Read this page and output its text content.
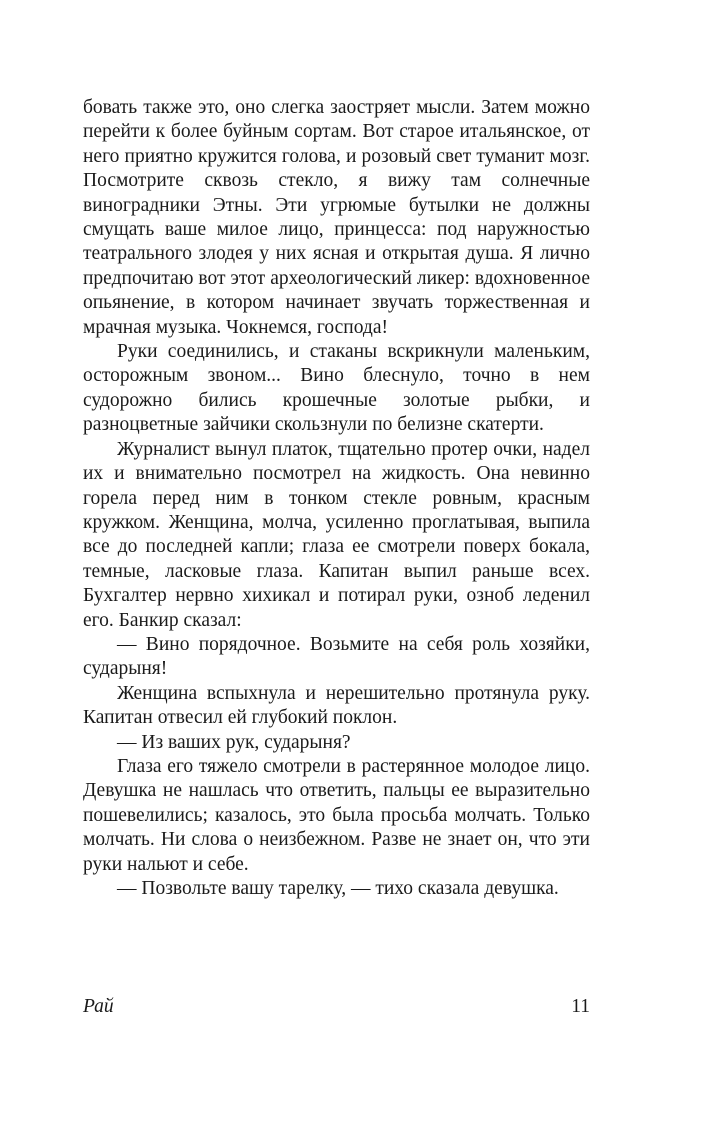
бовать также это, оно слегка заостряет мысли. Затем можно перейти к более буйным сортам. Вот старое итальянское, от него приятно кружится голова, и розовый свет туманит мозг. Посмотрите сквозь стекло, я вижу там солнечные виноградники Этны. Эти угрюмые бутылки не должны смущать ваше милое лицо, принцесса: под наружностью театрального злодея у них ясная и открытая душа. Я лично предпочитаю вот этот археологический ликер: вдохновенное опьянение, в котором начинает звучать торжественная и мрачная музыка. Чокнемся, господа!

Руки соединились, и стаканы вскрикнули маленьким, осторожным звоном... Вино блеснуло, точно в нем судорожно бились крошечные золотые рыбки, и разноцветные зайчики скользнули по белизне скатерти.

Журналист вынул платок, тщательно протер очки, надел их и внимательно посмотрел на жидкость. Она невинно горела перед ним в тонком стекле ровным, красным кружком. Женщина, молча, усиленно проглатывая, выпила все до последней капли; глаза ее смотрели поверх бокала, темные, ласковые глаза. Капитан выпил раньше всех. Бухгалтер нервно хихикал и потирал руки, озноб леденил его. Банкир сказал:

— Вино порядочное. Возьмите на себя роль хозяйки, сударыня!

Женщина вспыхнула и нерешительно протянула руку. Капитан отвесил ей глубокий поклон.

— Из ваших рук, сударыня?

Глаза его тяжело смотрели в растерянное молодое лицо. Девушка не нашлась что ответить, пальцы ее выразительно пошевелились; казалось, это была просьба молчать. Только молчать. Ни слова о неизбежном. Разве не знает он, что эти руки нальют и себе.

— Позвольте вашу тарелку, — тихо сказала девушка.

Рай	11
